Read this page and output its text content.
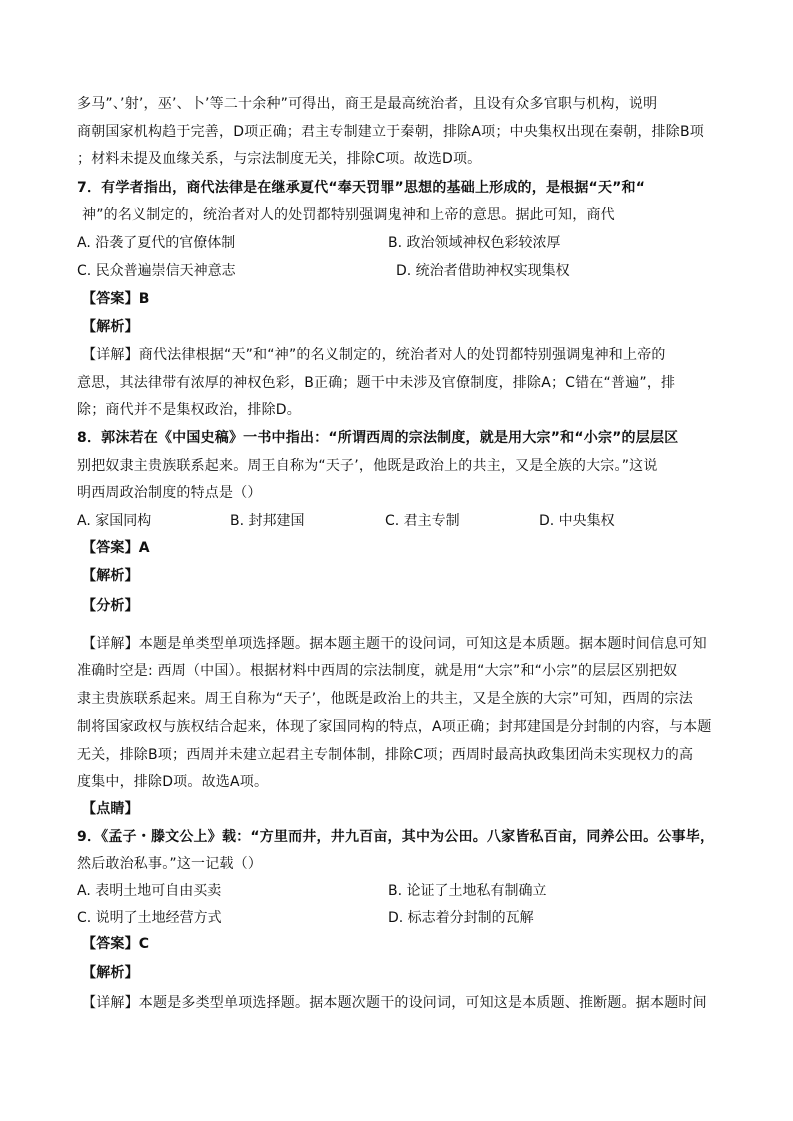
多马”、’射’，巫’、卜’等二十余种”可得出，商王是最高统治者，且设有众多官职与机构，说明
商朝国家机构趋于完善，D项正确；君主专制建立于秦朝，排除A项；中央集权出现在秦朝，排除B项
；材料未提及血缘关系，与宗法制度无关，排除C项。故选D项。
7．有学者指出，商代法律是在继承夏代“奉天罚罪”思想的基础上形成的，是根据“天”和“
神”的名义制定的，统治者对人的处罚都特别强调鬼神和上帝的意思。据此可知，商代
A. 沿袭了夏代的官僚体制	B. 政治领域神权色彩较浓厚
C. 民众普遍崇信天神意志	D. 统治者借助神权实现集权
【答案】B
【解析】
【详解】商代法律根据“天”和“神”的名义制定的，统治者对人的处罚都特别强调鬼神和上帝的
意思，其法律带有浓厚的神权色彩，B正确；题干中未涉及官僚制度，排除A；C错在“普遍”，排
除；商代并不是集权政治，排除D。
8．郭沫若在《中国史稿》一书中指出：“所谓西周的宗法制度，就是用大宗”和“小宗”的层层区
别把奴隶主贵族联系起来。周王自称为“天子’，他既是政治上的共主，又是全族的大宗。”这说
明西周政治制度的特点是（）
A. 家国同构	B. 封邦建国	C. 君主专制	D. 中央集权
【答案】A
【解析】
【分析】
【详解】本题是单类型单项选择题。据本题主题干的设问词，可知这是本质题。据本题时间信息可知
准确时空是: 西周（中国）。根据材料中西周的宗法制度，就是用“大宗”和“小宗”的层层区别把奴
隶主贵族联系起来。周王自称为“天子’，他既是政治上的共主，又是全族的大宗”可知，西周的宗法
制将国家政权与族权结合起来，体现了家国同构的特点，A项正确；封邦建国是分封制的内容，与本题
无关，排除B项；西周并未建立起君主专制体制，排除C项；西周时最高执政集团尚未实现权力的高
度集中，排除D项。故选A项。
【点睛】
9．《孟子・滕文公上》载：“方里而井，井九百亩，其中为公田。八家皆私百亩，同养公田。公事毕，
然后敢治私事。”这一记载（）
A. 表明土地可自由买卖	B. 论证了土地私有制确立
C. 说明了土地经营方式	D. 标志着分封制的瓦解
【答案】C
【解析】
【详解】本题是多类型单项选择题。据本题次题干的设问词，可知这是本质题、推断题。据本题时间
